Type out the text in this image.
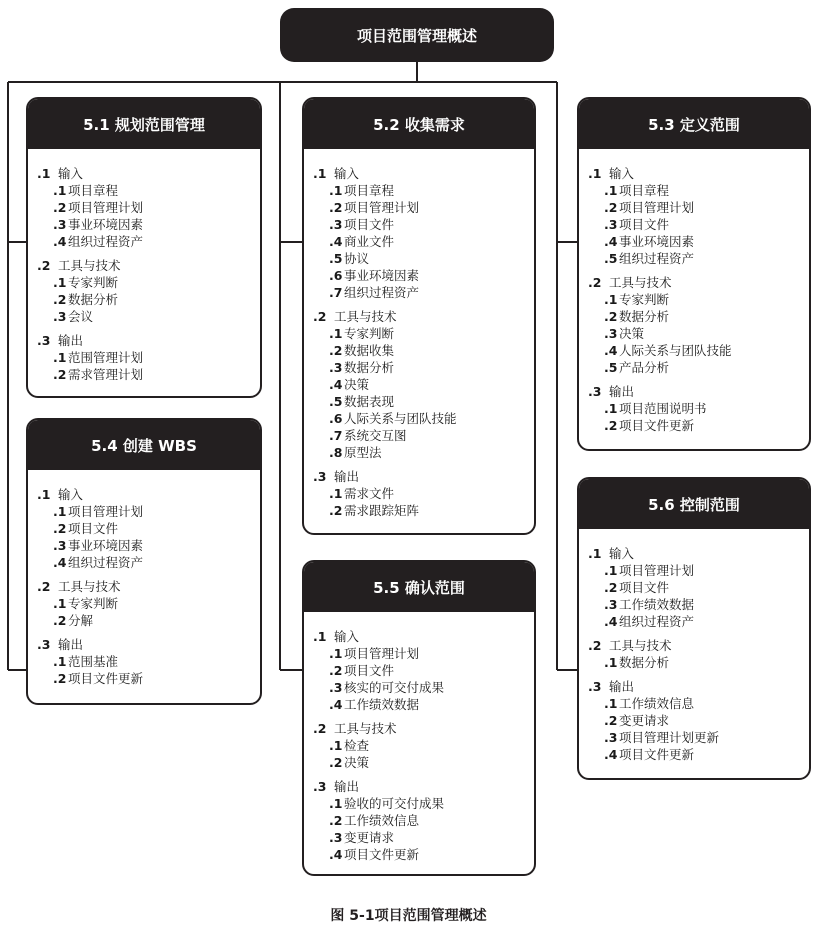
项目范围管理概述
5.1 规划范围管理
.1 输入
.1 项目章程
.2 项目管理计划
.3 事业环境因素
.4 组织过程资产
.2 工具与技术
.1 专家判断
.2 数据分析
.3 会议
.3 输出
.1 范围管理计划
.2 需求管理计划
5.2 收集需求
.1 输入
.1 项目章程
.2 项目管理计划
.3 项目文件
.4 商业文件
.5 协议
.6 事业环境因素
.7 组织过程资产
.2 工具与技术
.1 专家判断
.2 数据收集
.3 数据分析
.4 决策
.5 数据表现
.6 人际关系与团队技能
.7 系统交互图
.8 原型法
.3 输出
.1 需求文件
.2 需求跟踪矩阵
5.3 定义范围
.1 输入
.1 项目章程
.2 项目管理计划
.3 项目文件
.4 事业环境因素
.5 组织过程资产
.2 工具与技术
.1 专家判断
.2 数据分析
.3 决策
.4 人际关系与团队技能
.5 产品分析
.3 输出
.1 项目范围说明书
.2 项目文件更新
5.4 创建 WBS
.1 输入
.1 项目管理计划
.2 项目文件
.3 事业环境因素
.4 组织过程资产
.2 工具与技术
.1 专家判断
.2 分解
.3 输出
.1 范围基准
.2 项目文件更新
5.5 确认范围
.1 输入
.1 项目管理计划
.2 项目文件
.3 核实的可交付成果
.4 工作绩效数据
.2 工具与技术
.1 检查
.2 决策
.3 输出
.1 验收的可交付成果
.2 工作绩效信息
.3 变更请求
.4 项目文件更新
5.6 控制范围
.1 输入
.1 项目管理计划
.2 项目文件
.3 工作绩效数据
.4 组织过程资产
.2 工具与技术
.1 数据分析
.3 输出
.1 工作绩效信息
.2 变更请求
.3 项目管理计划更新
.4 项目文件更新
图 5-1项目范围管理概述
